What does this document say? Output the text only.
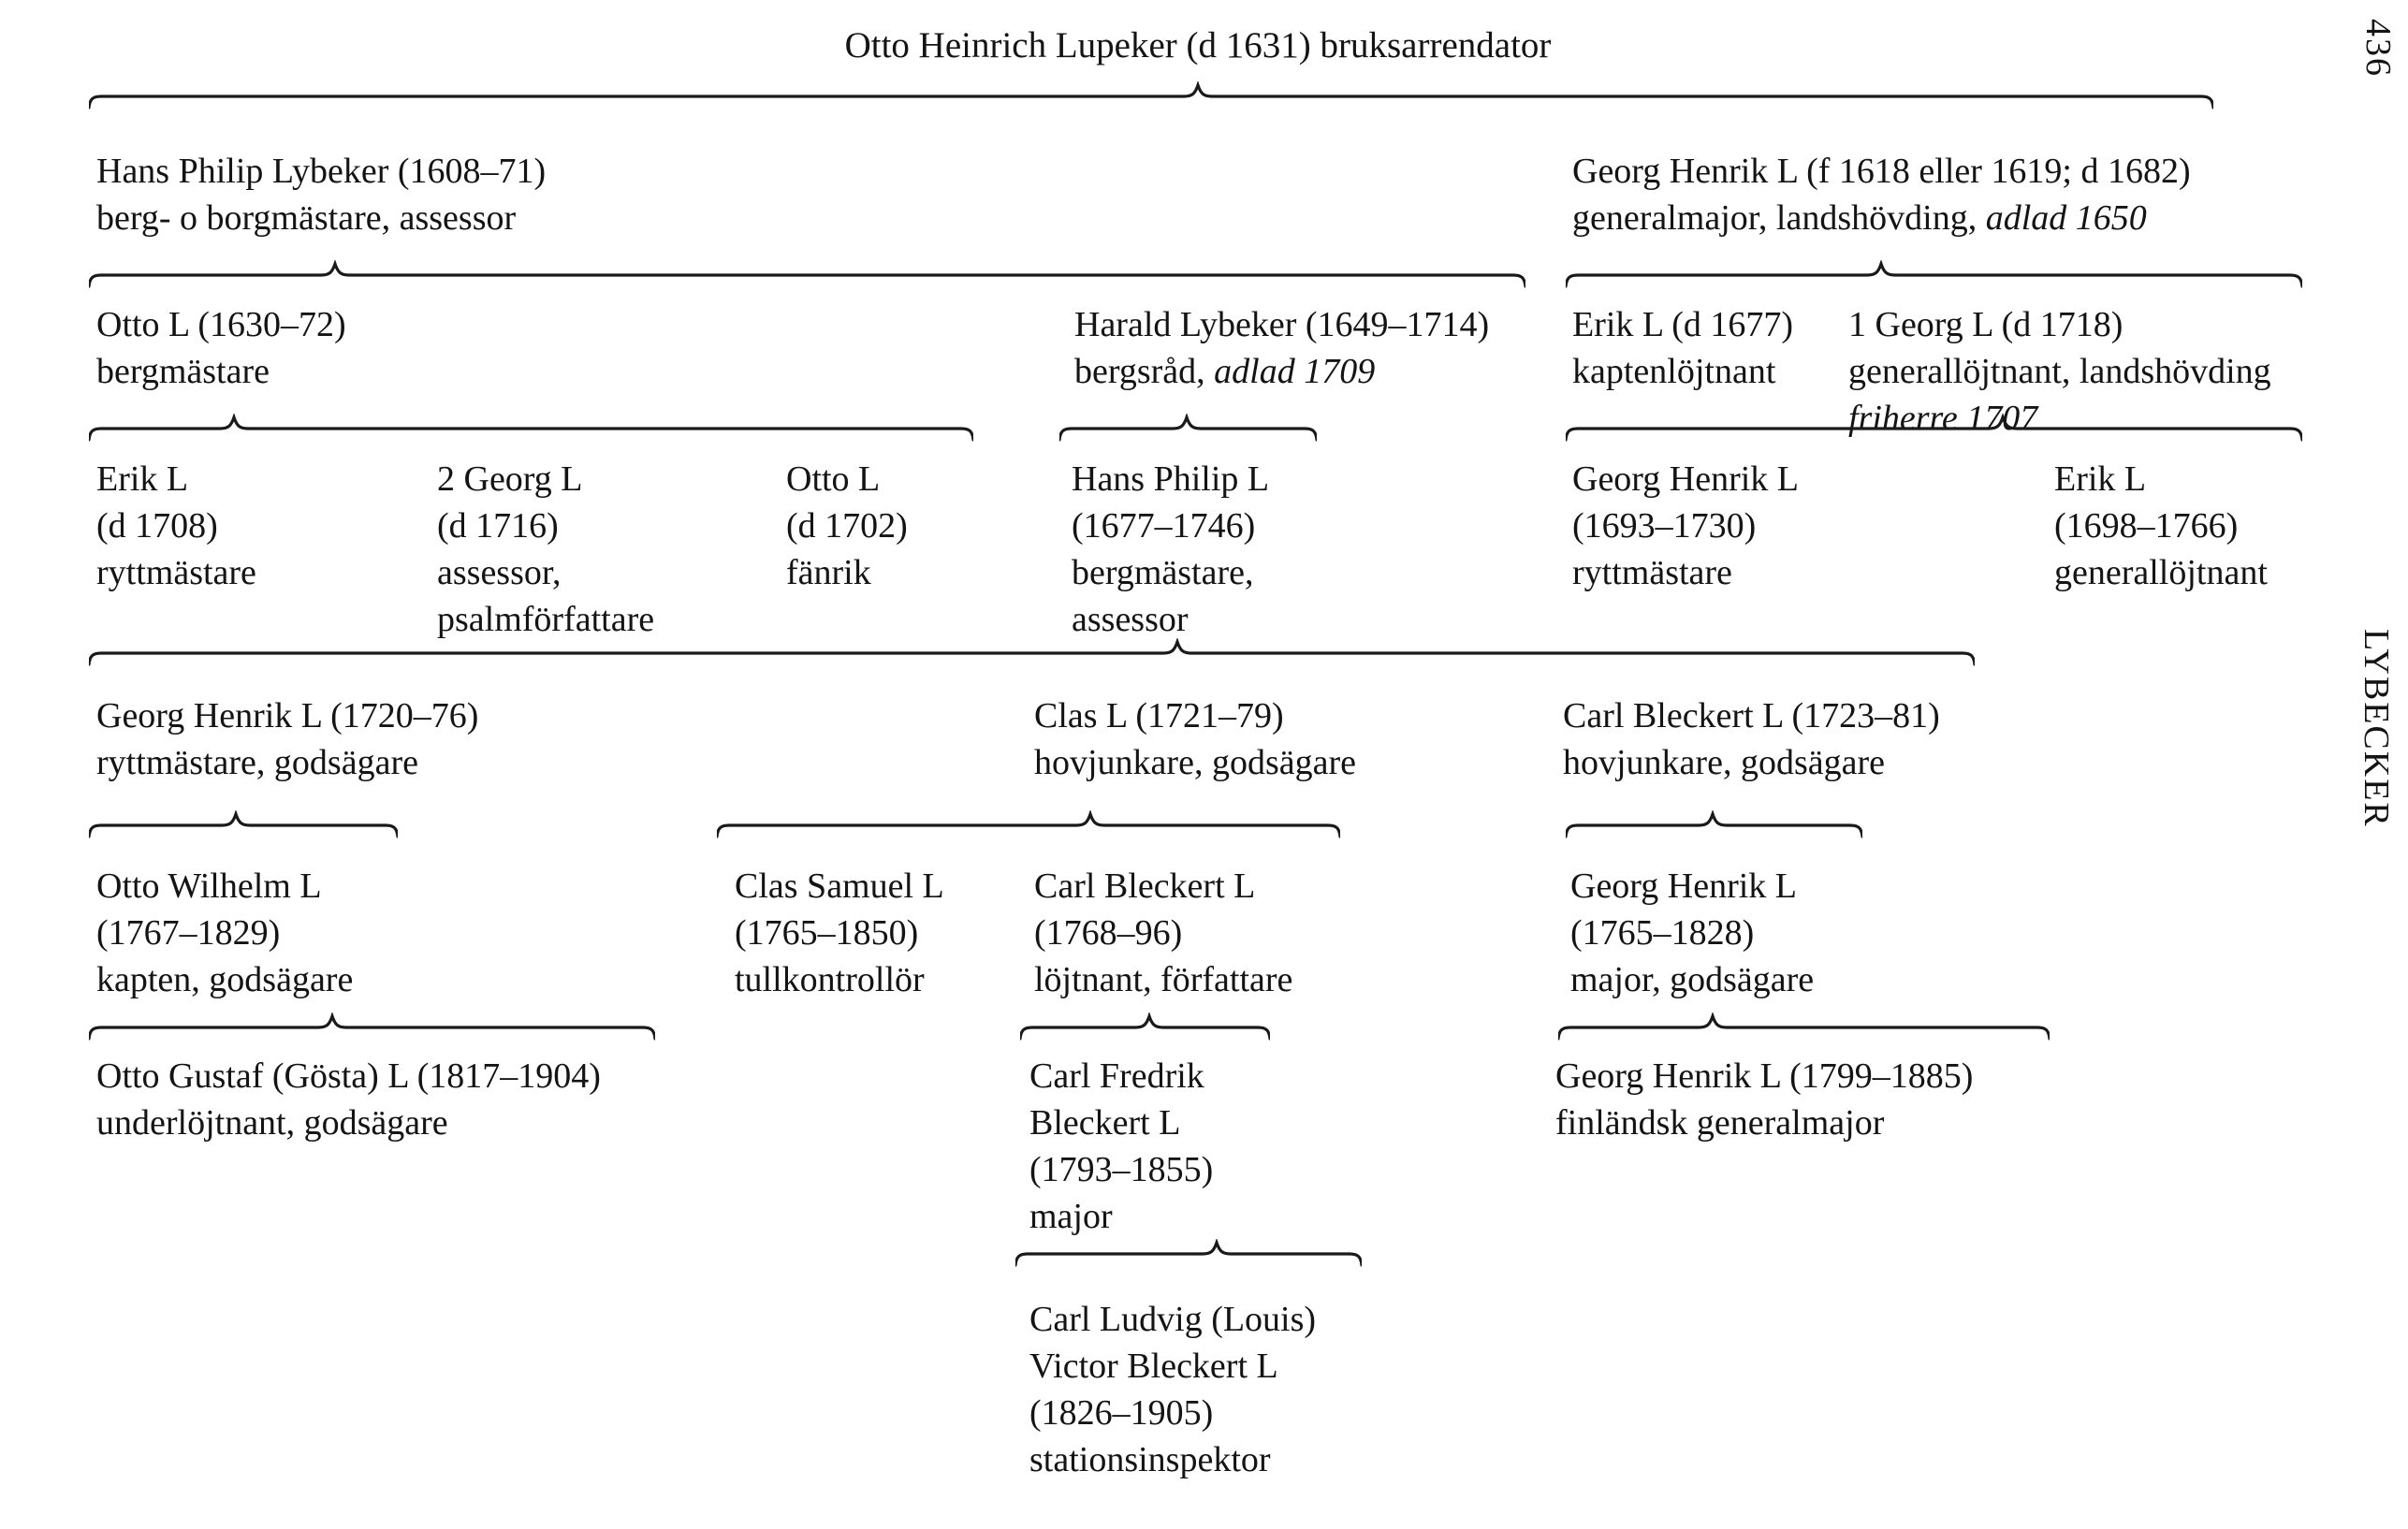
Otto Heinrich Lupeker (d 1631) bruksarrendator
Hans Philip Lybeker (1608–71)
berg- o borgmästare, assessor
Georg Henrik L (f 1618 eller 1619; d 1682)
generalmajor, landshövding, adlad 1650
Otto L (1630–72)
bergmästare
Harald Lybeker (1649–1714)
bergsråd, adlad 1709
Erik L (d 1677)
kaptenlöjtnant
1 Georg L (d 1718)
generallöjtnant, landshövding
friherre 1707
Erik L
(d 1708)
ryttmästare
2 Georg L
(d 1716)
assessor,
psalmförfattare
Otto L
(d 1702)
fänrik
Hans Philip L
(1677–1746)
bergmästare,
assessor
Georg Henrik L
(1693–1730)
ryttmästare
Erik L
(1698–1766)
generallöjtnant
Georg Henrik L (1720–76)
ryttmästare, godsägare
Clas L (1721–79)
hovjunkare, godsägare
Carl Bleckert L (1723–81)
hovjunkare, godsägare
Otto Wilhelm L
(1767–1829)
kapten, godsägare
Clas Samuel L
(1765–1850)
tullkontrollör
Carl Bleckert L
(1768–96)
löjtnant, författare
Georg Henrik L
(1765–1828)
major, godsägare
Otto Gustaf (Gösta) L (1817–1904)
underlöjtnant, godsägare
Carl Fredrik
Bleckert L
(1793–1855)
major
Georg Henrik L (1799–1885)
finländsk generalmajor
Carl Ludvig (Louis)
Victor Bleckert L
(1826–1905)
stationsinspektor
436
LYBECKER
